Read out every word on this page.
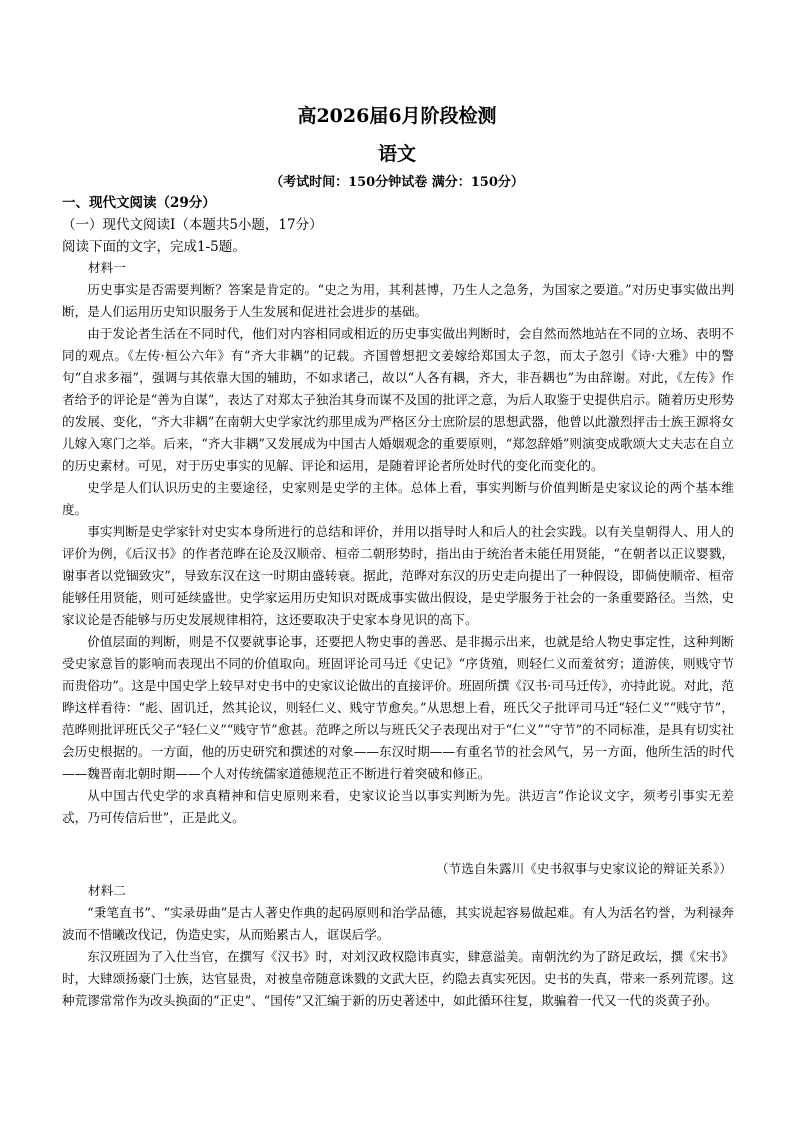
高2026届6月阶段检测
语文
（考试时间：150分钟试卷 满分：150分）
一、现代文阅读（29分）
（一）现代文阅读Ⅰ（本题共5小题，17分）
阅读下面的文字，完成1-5题。
材料一

历史事实是否需要判断？答案是肯定的。“史之为用，其利甚博，乃生人之急务，为国家之要道。”对历史事实做出判断，是人们运用历史知识服务于人生发展和促进社会进步的基础。

由于发论者生活在不同时代，他们对内容相同或相近的历史事实做出判断时，会自然而然地站在不同的立场、表明不同的观点。《左传·桓公六年》有“齐大非耦”的记载。齐国曾想把文姜嫁给郑国太子忽，而太子忽引《诗·大雅》中的警句“自求多福”，强调与其依靠大国的辅助，不如求诸己，故以“人各有耦，齐大，非吾耦也”为由辞谢。对此，《左传》作者给予的评论是“善为自谋”，表达了对郑太子独治其身而谋不及国的批评之意，为后人取鉴于史提供启示。随着历史形势的发展、变化，“齐大非耦”在南朝大史学家沈约那里成为严格区分士庶阶层的思想武器，他曾以此激烈抨击士族王源将女儿嫁入寒门之举。后来，“齐大非耦”又发展成为中国古人婚姻观念的重要原则，“郑忽辞婚”则演变成歌颂大丈夫志在自立的历史素材。可见，对于历史事实的见解、评论和运用，是随着评论者所处时代的变化而变化的。

史学是人们认识历史的主要途径，史家则是史学的主体。总体上看，事实判断与价值判断是史家议论的两个基本维度。

事实判断是史学家针对史实本身所进行的总结和评价，并用以指导时人和后人的社会实践。以有关皇朝得人、用人的评价为例，《后汉书》的作者范晔在论及汉顺帝、桓帝二朝形势时，指出由于统治者未能任用贤能，“在朝者以正议婴戮，谢事者以党锢致灾”，导致东汉在这一时期由盛转衰。据此，范晔对东汉的历史走向提出了一种假设，即倘使顺帝、桓帝能够任用贤能，则可延续盛世。史学家运用历史知识对既成事实做出假设，是史学服务于社会的一条重要路径。当然，史家议论是否能够与历史发展规律相符，这还要取决于史家本身见识的高下。

价值层面的判断，则是不仅要就事论事，还要把人物史事的善恶、是非揭示出来，也就是给人物史事定性，这种判断受史家意旨的影响而表现出不同的价值取向。班固评论司马迁《史记》“序货殖，则轻仁义而羞贫穷；道游侠，则贱守节而贵俗功”。这是中国史学上较早对史书中的史家议论做出的直接评价。班固所撰《汉书·司马迁传》，亦持此说。对此，范晔这样看待：“彪、固讥迁，然其论议，则轻仁义、贱守节愈矣。”从思想上看，班氏父子批评司马迁“轻仁义”“贱守节”，范晔则批评班氏父子“轻仁义”“贱守节”愈甚。范晔之所以与班氏父子表现出对于“仁义”“守节”的不同标准，是具有切实社会历史根据的。一方面，他的历史研究和撰述的对象——东汉时期——有重名节的社会风气，另一方面，他所生活的时代——魏晋南北朝时期——个人对传统儒家道德规范正不断进行着突破和修正。

从中国古代史学的求真精神和信史原则来看，史家议论当以事实判断为先。洪迈言“作论议文字，须考引事实无差忒，乃可传信后世”，正是此义。

（节选自朱露川《史书叙事与史家议论的辩证关系》）
材料二

“秉笔直书”、“实录毋曲”是古人著史作典的起码原则和治学品德，其实说起容易做起难。有人为活名钓誉，为利禄奔波而不惜曦改伐记，伪造史实，从而贻累古人，诓误后学。

东汉班固为了入仕当官，在撰写《汉书》时，对刘汉政权隐讳真实，肆意溢美。南朝沈约为了跻足政坛，撰《宋书》时，大肆颂扬豪门士族，达官显贵，对被皇帝随意诛戮的文武大臣，约隐去真实死因。史书的失真，带来一系列荒谬。这种荒谬常常作为改头换面的“正史”、“国传”又汇编于新的历史著述中，如此循环往复，欺骗着一代又一代的炎黄子孙。
